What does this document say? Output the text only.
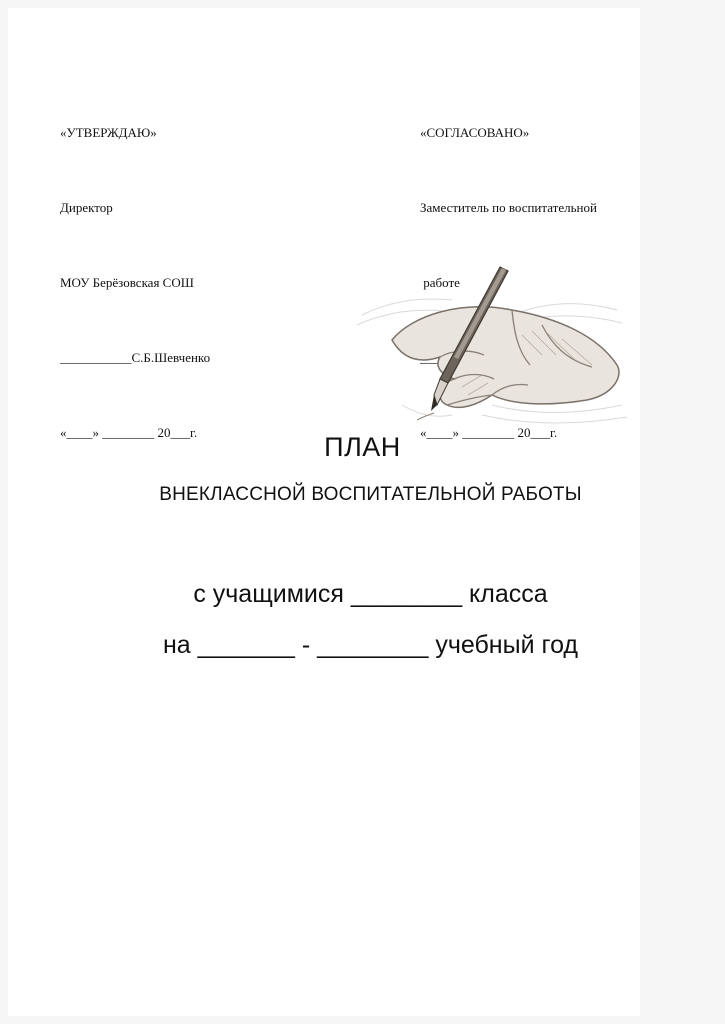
«УТВЕРЖДАЮ»

Директор

МОУ Берёзовская СОШ

___________С.Б.Шевченко

«____» ________ 20___г.

«СОГЛАСОВАНО»

Заместитель по воспитательной

работе

«____» ________ 20___г.

ПЛАН
ВНЕКЛАССНОЙ ВОСПИТАТЕЛЬНОЙ РАБОТЫ
с учащимися ________ класса
на _______ - ________ учебный год
